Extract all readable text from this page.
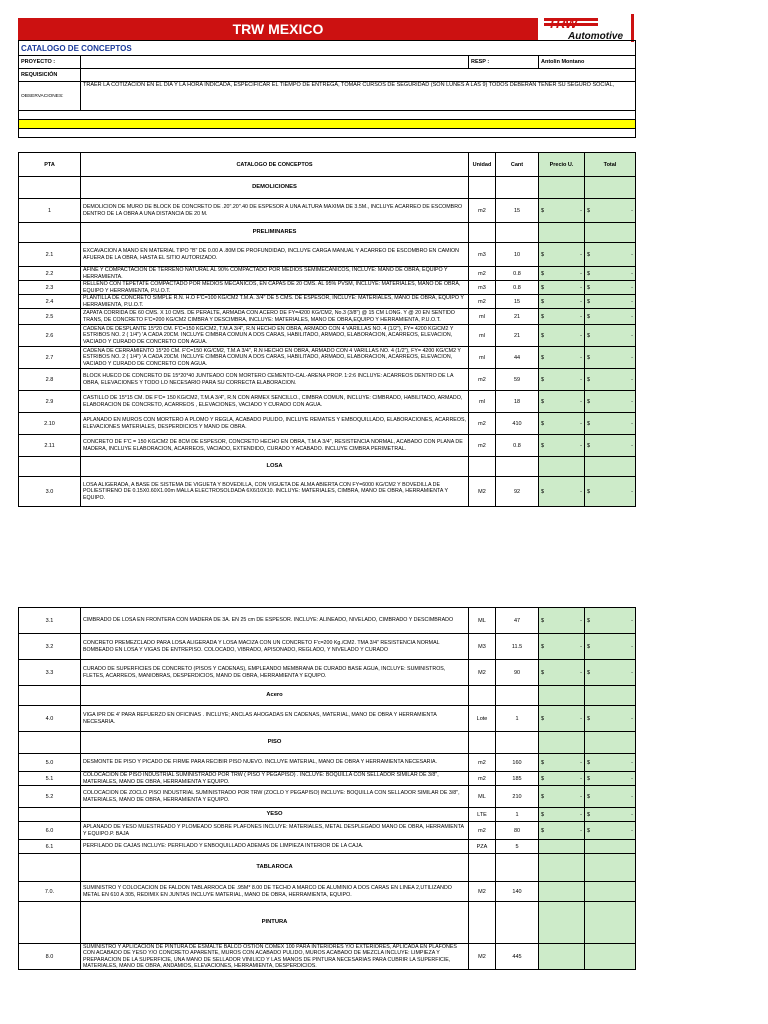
TRW MEXICO	TRW
Automotive
CATALOGO DE CONCEPTOS			
PROYECTO :		RESP :	Antolin Montano
REQUISICIÓN			
OBSERVACIONES:	TRAER LA COTIZACION EN EL DIA Y LA HORA INDICADA, ESPECIFICAR EL TIEMPO DE ENTREGA, TOMAR CURSOS DE SEGURIDAD (SON LUNES A LAS 9) TODOS DEBERAN TENER SU SEGURO SOCIAL,		

PTA	CATALOGO DE CONCEPTOS	Unidad	Cant	Precio U.	Total
	DEMOLICIONES				
1	DEMOLICION DE MURO DE BLOCK DE CONCRETO DE .20".20".40 DE ESPESOR A UNA ALTURA MAXIMA DE 3.5M., INCLUYE ACARREO DE ESCOMBRO DENTRO DE LA OBRA A UNA DISTANCIA DE 20 M.	m2	15	$ -	$ -

	PRELIMINARES				
2.1	EXCAVACION A MANO EN MATERIAL TIPO "B" DE 0.00 A .80M DE PROFUNDIDAD, INCLUYE CARGA MANUAL Y ACARREO DE ESCOMBRO EN CAMION AFUERA DE LA OBRA, HASTA EL SITIO AUTORIZADO.	m3	10	$ -	$ -

2.2	AFINE Y COMPACTACION DE TERRENO NATURAL AL 90% COMPACTADO POR MEDIOS SEMIMECANICOS, INCLUYE: MANO DE OBRA, EQUIPO Y HERRAMIENTA.	m2	0.8	$ -	$ -

2.3	RELLENO CON TEPETATE COMPACTADO POR MEDIOS MECANICOS, EN CAPAS DE 20 CMS. AL 95% PVSM, INCLUYE: MATERIALES, MANO DE OBRA, EQUIPO Y HERRAMIENTA, P.U.O.T.	m3	0.8	$ -	$ -

2.4	PLANTILLA DE CONCRETO SIMPLE R.N. H.O F'C=100 KG/CM2 T.M.A. 3/4" DE 5 CMS. DE ESPESOR, INCLUYE: MATERIALES, MANO DE OBRA, EQUIPO Y HERRAMIENTA, P.U.O.T.	m2	15	$ -	$ -

2.5	ZAPATA CORRIDA DE 60 CMS. X 10 CMS. DE PERALTE, ARMADA CON ACERO DE FY=4200 KG/CM2, No.3 (3/8") @ 15 CM LONG. Y @ 20 EN SENTIDO TRANS, DE CONCRETO F'C=200 KG/CM2 CIMBRA Y DESCIMBRA, INCLUYE: MATERIALES, MANO DE OBRA,EQUIPO Y HERRAMIENTA, P.U.O.T.	ml	21	$ -	$ -

2.6	CADENA DE DESPLANTE 15*20 CM. F'C=150 KG/CM2, T.M.A 3/4", R.N HECHO EN OBRA, ARMADO CON 4 VARILLAS NO. 4 (1/2"), FY= 4200 KG/CM2 Y ESTRIBOS NO. 2 ( 1/4") 'A CADA 20CM. INCLUYE CIMBRA COMUN A DOS CARAS, HABILITADO, ARMADO, ELABORACION, ACARREOS, ELEVACION, VACIADO Y CURADO DE CONCRETO CON AGUA.	ml	21	$ -	$ -

2.7	CADENA DE CERRAMIENTO 15*20 CM. F'C=150 KG/CM2, T.M.A 3/4", R.N HECHO EN OBRA, ARMADO CON 4 VARILLAS NO. 4 (1/2"), FY= 4200 KG/CM2 Y ESTRIBOS NO. 2 ( 1/4") 'A CADA 20CM. INCLUYE CIMBRA COMUN A DOS CARAS, HABILITADO, ARMADO, ELABORACION, ACARREOS, ELEVACION, VACIADO Y CURADO DE CONCRETO CON AGUA.	ml	44	$ -	$ -

2.8	BLOCK HUECO DE CONCRETO DE 15*20*40 JUNTEADO CON MORTERO CEMENTO-CAL-ARENA PROP. 1:2:6 INCLUYE: ACARREOS DENTRO DE LA OBRA, ELEVACIONES Y TODO LO NECESARIO PARA SU CORRECTA ELABORACION.	m2	59	$ -	$ -

2.9	CASTILLO DE 15*15 CM. DE F'C= 150 KG/CM2, T.M.A 3/4", R.N CON ARMEX SENCILLO., CIMBRA COMUN, INCLUYE: CIMBRADO, HABILITADO, ARMADO, ELABORACION DE CONCRETO, ACARREOS , ELEVACIONES, VACIADO Y CURADO CON AGUA.	ml	18	$ -	$ -

2.10	APLANADO EN MUROS CON MORTERO A PLOMO Y REGLA, ACABADO PULIDO, INCLUYE REMATES Y EMBOQUILLADO, ELABORACIONES, ACARREOS, ELEVACIONES MATERIALES, DESPERDICIOS Y MANO DE OBRA.	m2	410	$ -	$ -

2.11	CONCRETO DE F'C = 150 KG/CM2 DE 8CM DE ESPESOR, CONCRETO HECHO EN OBRA, T.M.A 3/4", RESISTENCIA NORMAL, ACABADO CON PLANA DE MADERA, INCLUYE ELABORACION, ACARREOS, VACIADO, EXTENDIDO, CURADO Y ACABADO. INCLUYE CIMBRA PERIMETRAL.	m2	0.8	$ -	$ -

	LOSA				
3.0	LOSA ALIGERADA, A BASE DE SISTEMA DE VIGUETA Y BOVEDILLA, CON VIGUETA DE ALMA ABIERTA CON FY=6000 KG/CM2 Y BOVEDILLA DE POLIESTIRENO DE 0.15X0.60X1.00m MALLA ELECTROSOLDADA 6X6/10X10. INCLUYE: MATERIALES, CIMBRA, MANO DE OBRA, HERRAMIENTA Y EQUIPO.	M2	92	$ -	$ -
3.1	CIMBRADO DE LOSA EN FRONTERA CON MADERA DE 3A. EN 25 cm DE ESPESOR. INCLUYE: ALINEADO, NIVELADO, CIMBRADO Y DESCIMBRADO	ML	47	$ -	$ -

3.2	CONCRETO PREMEZCLADO PARA LOSA ALIGERADA Y LOSA MACIZA CON UN CONCRETO F'c=200 Kg./CM2. TMA 3/4" RESISTENCIA NORMAL BOMBEADO EN LOSA Y VIGAS DE ENTREPISO. COLOCADO, VIBRADO, APISONADO, REGLADO, Y NIVELADO Y CURADO	M3	11.5	$ -	$ -

3.3	CURADO DE SUPERFICIES DE CONCRETO (PISOS Y CADENAS), EMPLEANDO MEMBRANA DE CURADO BASE AGUA, INCLUYE: SUMINISTROS, FLETES, ACARREOS, MANIOBRAS, DESPERDICIOS, MANO DE OBRA, HERRAMIENTA Y EQUIPO.	M2	90	$ -	$ -

	Acero				
4.0	VIGA IPR DE 4' PARA REFUERZO EN OFICINAS . INCLUYE; ANCLAS AHOGADAS EN CADENAS, MATERIAL, MANO DE OBRA Y HERRAMIENTA NECESARIA.	Lote	1	$ -	$ -

	PISO				
5.0	DESMONTE DE PISO Y PICADO DE FIRME PARA RECIBIR PISO NUEVO. INCLUYE MATERIAL, MANO DE OBRA Y HERRAMIENTA NECESARIA.	m2	160	$ -	$ -

5.1	COLOCACION DE PISO INDUSTRIAL SUMINISTRADO POR TRW ( PISO Y PEGAPISO) . INCLUYE: BOQUILLA CON SELLADOR SIMILAR DE 3/8", MATERIALES, MANO DE OBRA, HERRAMIENTA Y EQUIPO.	m2	185	$ -	$ -

5.2	COLOCACION DE ZOCLO PISO INDUSTRIAL SUMINISTRADO POR TRW (ZOCLO Y PEGAPISO) INCLUYE: BOQUILLA CON SELLADOR SIMILAR DE 3/8", MATERIALES, MANO DE OBRA, HERRAMIENTA Y EQUIPO.	ML	210	$ -	$ -

	YESO	LTE	1	$ -	$ -

6.0	APLANADO DE YESO MUESTREADO Y PLOMEADO SOBRE PLAFONES INCLUYE: MATERIALES, METAL DESPLEGADO MANO DE OBRA, HERRAMIENTA Y EQUIPO.P. BAJA	m2	80	$ -	$ -

6.1	PERFILADO DE CAJAS INCLUYE: PERFILADO Y ENBOQUILLADO ADEMAS DE LIMPIEZA INTERIOR DE LA CAJA.	PZA	5		
	TABLAROCA				
7.0.	SUMINISTRO Y COLOCACION DE FALDON TABLARROCA DE .95M* 8.00 DE TECHO A MARCO DE ALUMINIO A DOS CARAS EN LINEA 2,UTILIZANDO METAL EN 610 A 305, REDIMIX EN JUNTAS INCLUYE MATERIAL, MANO DE OBRA, HERRAMIENTA, EQUIPO.	M2	140		
	PINTURA				
8.0	SUMINISTRO Y APLICACION DE PINTURA DE ESMALTE BALCO OSTION COMEX 100 PARA INTERIORES Y/O EXTERIORES, APLICADA EN PLAFONES CON ACABADO DE YESO Y/O CONCRETO APARENTE, MUROS CON ACABADO PULIDO, MUROS ACABADO DE MEZCLA INCLUYE: LIMPIEZA Y PREPARACION DE LA SUPERFICIE, UNA MANO DE SELLADOR VINILICO Y LAS MANOS DE PINTURA NECESARIAS PARA CUBRIR LA SUPERFICIE, MATERIALES, MANO DE OBRA, ANDAMIOS, ELEVACIONES, HERRAMIENTA, DESPERDICIOS.	M2	445		
